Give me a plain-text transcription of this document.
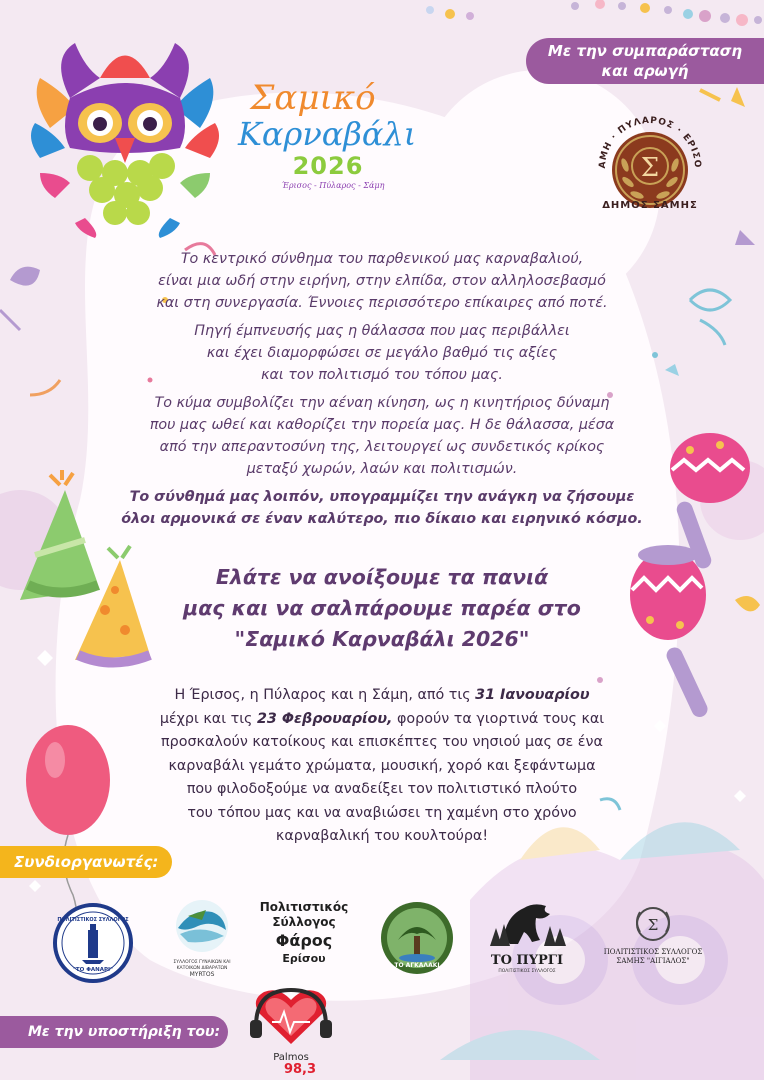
Σαμικό
Καρναβάλι
2026
Έρισος - Πύλαρος - Σάμη
Με την συμπαράσταση
και αρωγή
ΑΜΗ · ΠΥΛΑΡΟΣ · ΕΡΙΣΟ
Σ
ΔΗΜΟΣ ΣΑΜΗΣ

Το κεντρικό σύνθημα του παρθενικού μας καρναβαλιού,
είναι μια ωδή στην ειρήνη, στην ελπίδα, στον αλληλοσεβασμό
και στη συνεργασία. Έννοιες περισσότερο επίκαιρες από ποτέ.

Πηγή έμπνευσής μας η θάλασσα που μας περιβάλλει
και έχει διαμορφώσει σε μεγάλο βαθμό τις αξίες
και τον πολιτισμό του τόπου μας.

Το κύμα συμβολίζει την αέναη κίνηση, ως η κινητήριος δύναμη
που μας ωθεί και καθορίζει την πορεία μας. Η δε θάλασσα, μέσα
από την απεραντοσύνη της, λειτουργεί ως συνδετικός κρίκος
μεταξύ χωρών, λαών και πολιτισμών.

Το σύνθημά μας λοιπόν, υπογραμμίζει την ανάγκη να ζήσουμε
όλοι αρμονικά σε έναν καλύτερο, πιο δίκαιο και ειρηνικό κόσμο.

Ελάτε να ανοίξουμε τα πανιά
μας και να σαλπάρουμε παρέα στο
"Σαμικό Καρναβάλι 2026"
Η Έρισος, η Πύλαρος και η Σάμη, από τις 31 Ιανουαρίου
μέχρι και τις 23 Φεβρουαρίου, φορούν τα γιορτινά τους και
προσκαλούν κατοίκους και επισκέπτες του νησιού μας σε ένα
καρναβάλι γεμάτο χρώματα, μουσική, χορό και ξεφάντωμα
που φιλοδοξούμε να αναδείξει τον πολιτιστικό πλούτο
του τόπου μας και να αναβιώσει τη χαμένη στο χρόνο
καρναβαλική του κουλτούρα!
Συνδιοργανωτές:
ΠΟΛΙΤΙΣΤΙΚΟΣ ΣΥΛΛΟΓΟΣ
"ΤΟ ΦΑΝΑΡΙ"
ΣΥΛΛΟΓΟΣ ΓΥΝΑΙΚΩΝ ΚΑΙ ΚΑΤΟΙΚΩΝ ΔΙΒΑΡΑΤΩΝ
MYRTOS
Πολιτιστικός
Σύλλογος
Φάρος
Ερίσου
ΤΟ ΑΓΚΑΛΑΚΙ	ΤΟ ΠΥΡΓΙ
ΠΟΛΙΤΙΣΤΙΚΟΣ ΣΥΛΛΟΓΟΣ
Σ
ΠΟΛΙΤΙΣΤΙΚΟΣ ΣΥΛΛΟΓΟΣ
ΣΑΜΗΣ "ΑΙΓΙΑΛΟΣ"
Με την υποστήριξη του:
Palmos
98,3
